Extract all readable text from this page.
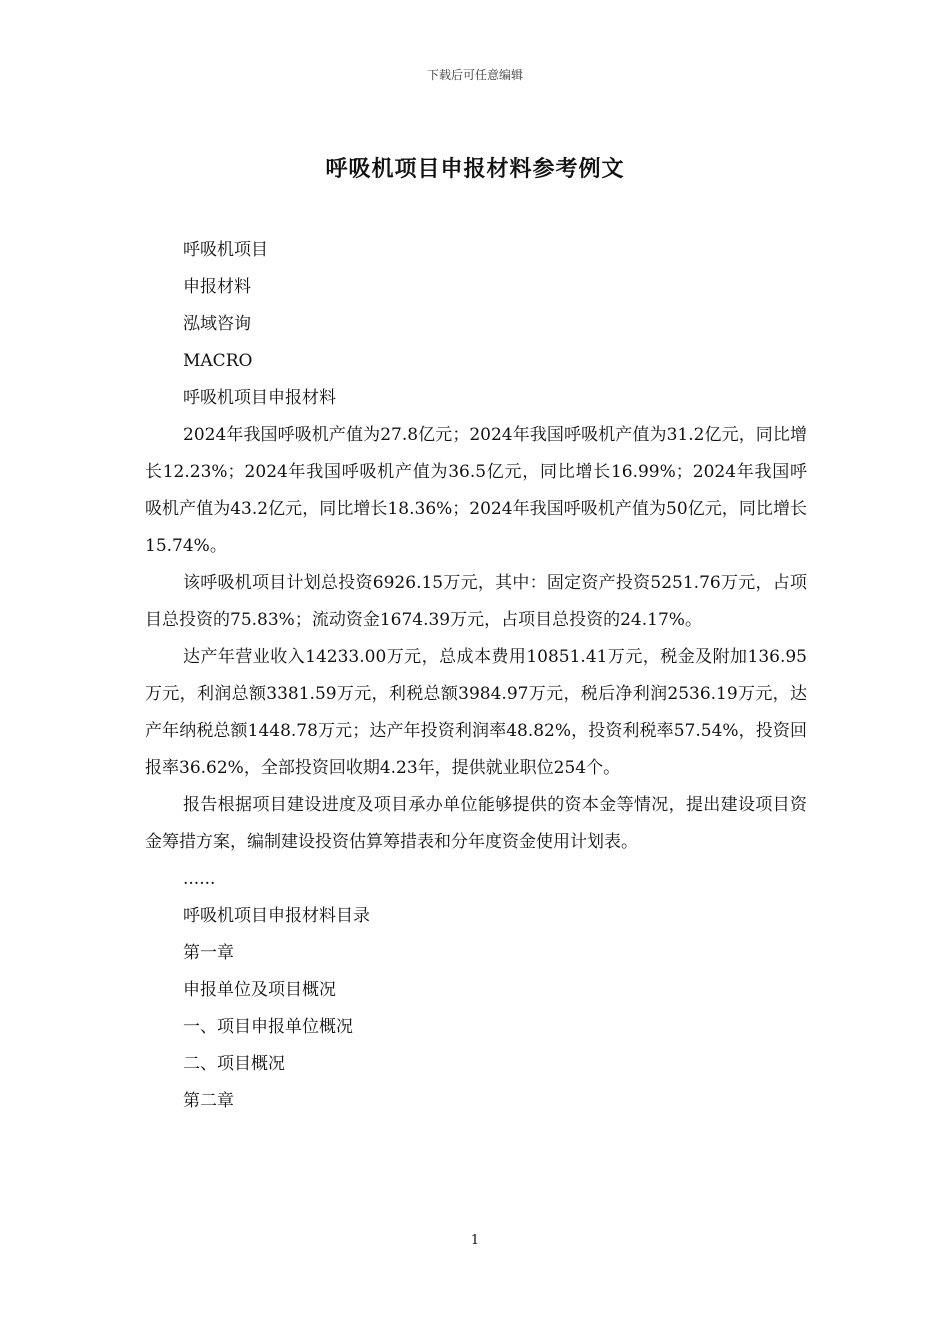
下载后可任意编辑
呼吸机项目申报材料参考例文

呼吸机项目

申报材料

泓域咨询

MACRO

呼吸机项目申报材料

2024年我国呼吸机产值为27.8亿元；2024年我国呼吸机产值为31.2亿元，同比增长12.23%；2024年我国呼吸机产值为36.5亿元，同比增长16.99%；2024年我国呼吸机产值为43.2亿元，同比增长18.36%；2024年我国呼吸机产值为50亿元，同比增长15.74%。

该呼吸机项目计划总投资6926.15万元，其中：固定资产投资5251.76万元，占项目总投资的75.83%；流动资金1674.39万元，占项目总投资的24.17%。

达产年营业收入14233.00万元，总成本费用10851.41万元，税金及附加136.95万元，利润总额3381.59万元，利税总额3984.97万元，税后净利润2536.19万元，达产年纳税总额1448.78万元；达产年投资利润率48.82%，投资利税率57.54%，投资回报率36.62%，全部投资回收期4.23年，提供就业职位254个。

报告根据项目建设进度及项目承办单位能够提供的资本金等情况，提出建设项目资金筹措方案，编制建设投资估算筹措表和分年度资金使用计划表。

......

呼吸机项目申报材料目录

第一章

申报单位及项目概况

一、项目申报单位概况

二、项目概况

第二章

1
